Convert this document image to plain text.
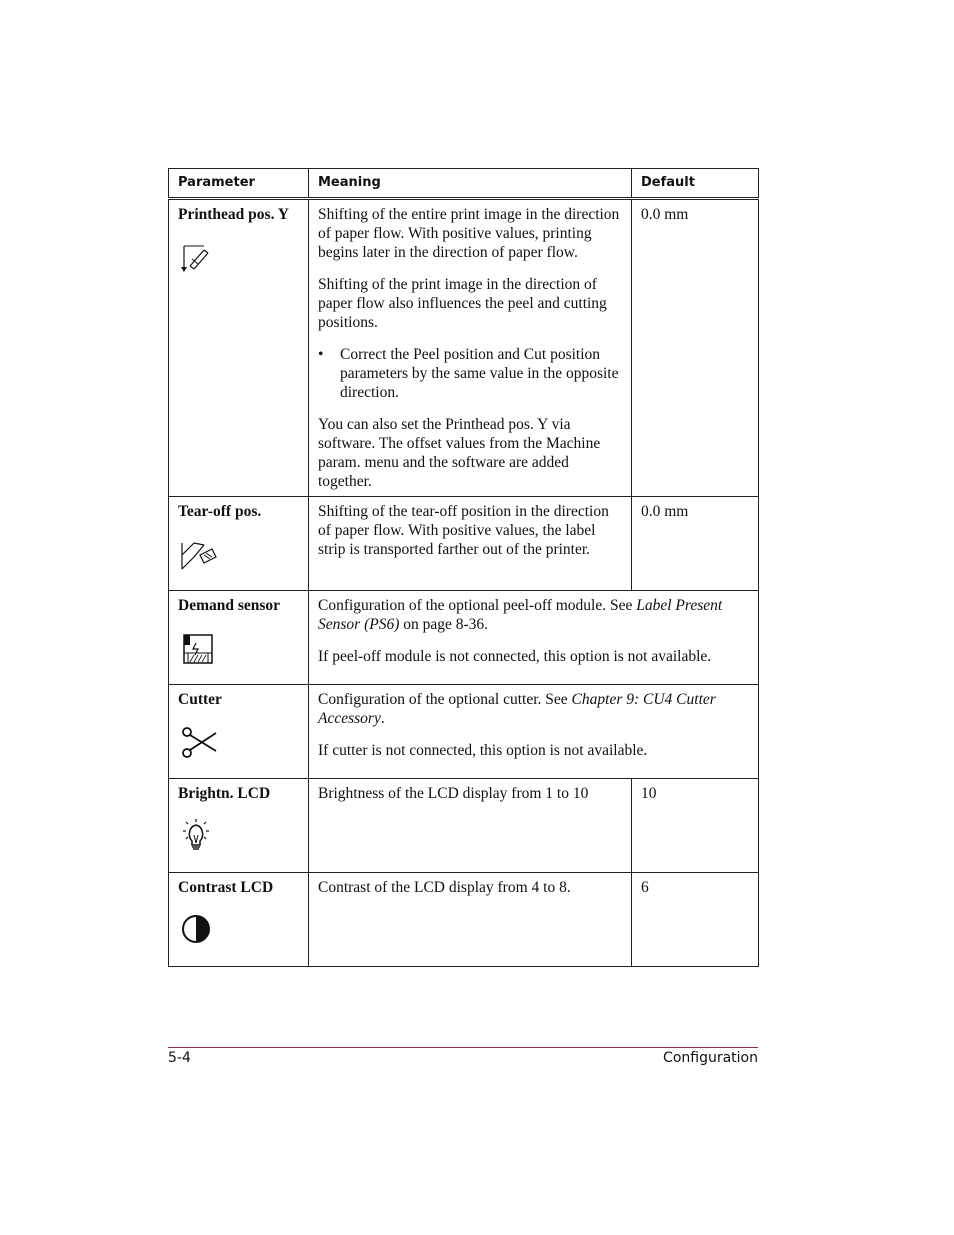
Parameter	Meaning	Default

Printhead pos. Y	Shifting of the entire print image in the direction of paper flow. With positive values, printing begins later in the direction of paper flow.

Shifting of the print image in the direction of paper flow also influences the peel and cutting positions.

• Correct the Peel position and Cut position parameters by the same value in the opposite direction.

You can also set the Printhead pos. Y via software. The offset values from the Machine param. menu and the software are added together.	0.0 mm

Tear-off pos.	Shifting of the tear-off position in the direction of paper flow. With positive values, the label strip is transported farther out of the printer.	0.0 mm

Demand sensor	Configuration of the optional peel-off module. See Label Present Sensor (PS6) on page 8-36.

If peel-off module is not connected, this option is not available.	

Cutter	Configuration of the optional cutter. See Chapter 9: CU4 Cutter Accessory.

If cutter is not connected, this option is not available.	

Brightn. LCD	Brightness of the LCD display from 1 to 10	10

Contrast LCD	Contrast of the LCD display from 4 to 8.	6
5-4	Configuration
